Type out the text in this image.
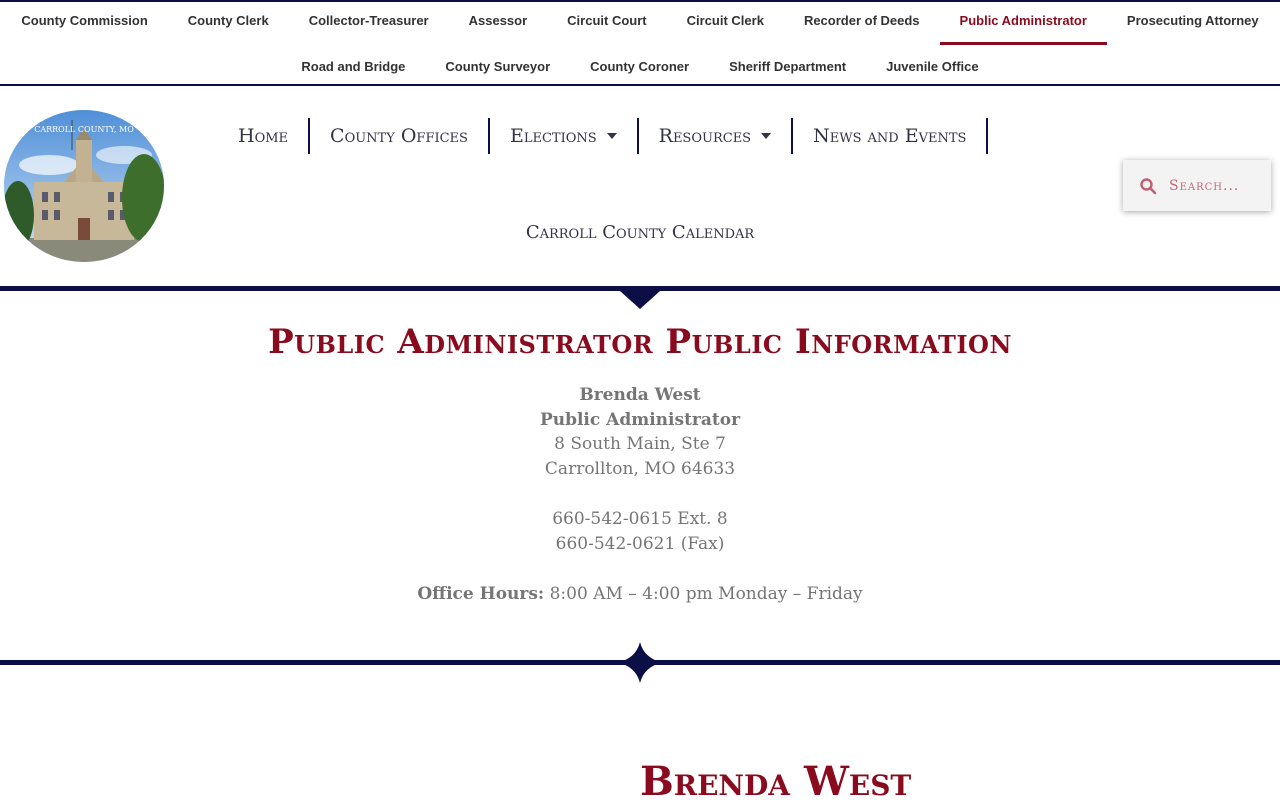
County Commission	County Clerk	Collector-Treasurer	Assessor	Circuit Court	Circuit Clerk	Recorder of Deeds	Public Administrator	Prosecuting Attorney
Road and Bridge	County Surveyor	County Coroner	Sheriff Department	Juvenile Office
CARROLL COUNTY, MO	Home County Offices Elections	Resources	News and Events
Carroll County Calendar
Search...
Public Administrator Public Information
Brenda West
Public Administrator
8 South Main, Ste 7
Carrollton, MO 64633
660-542-0615 Ext. 8
660-542-0621 (Fax)
Office Hours: 8:00 AM – 4:00 pm Monday – Friday
Brenda West
